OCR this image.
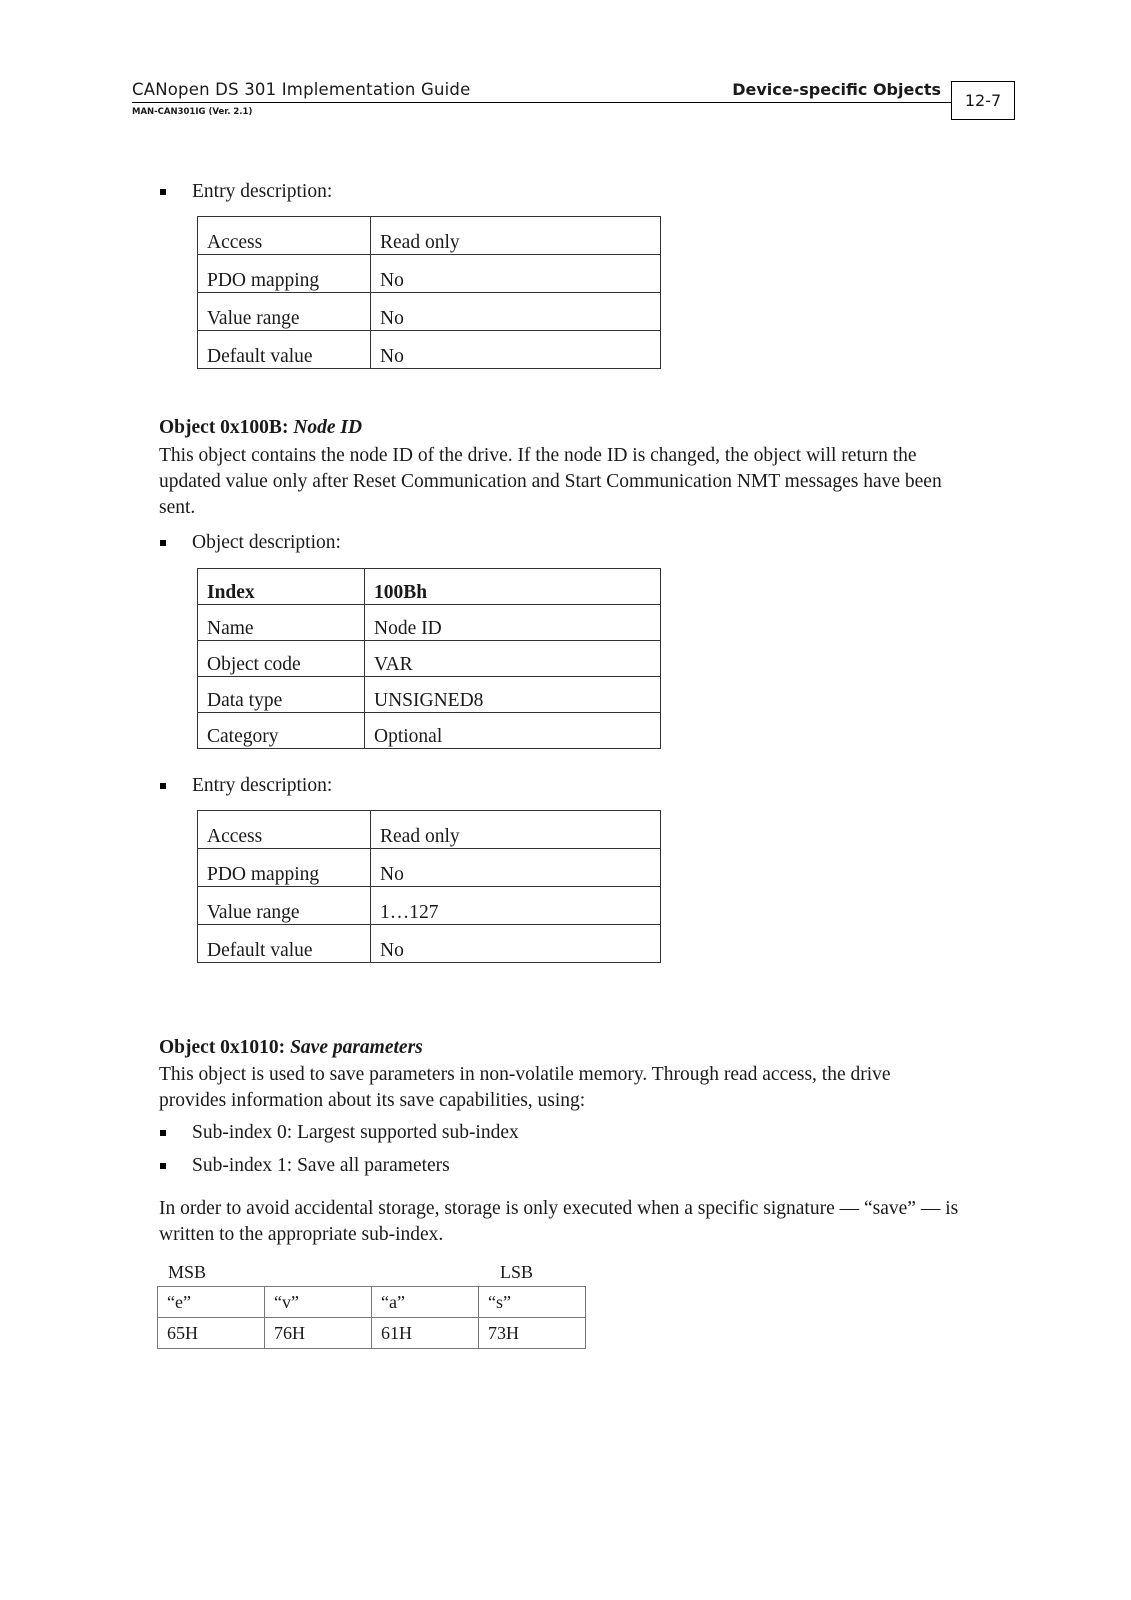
CANopen DS 301 Implementation Guide
MAN-CAN301IG (Ver. 2.1)
Device-specific Objects
12-7
Entry description:
Access	Read only
PDO mapping	No
Value range	No
Default value	No
Object 0x100B: Node ID
This object contains the node ID of the drive. If the node ID is changed, the object will return the updated value only after Reset Communication and Start Communication NMT messages have been sent.
Object description:
Index	100Bh
Name	Node ID
Object code	VAR
Data type	UNSIGNED8
Category	Optional
Entry description:
Access	Read only
PDO mapping	No
Value range	1…127
Default value	No
Object 0x1010: Save parameters
This object is used to save parameters in non-volatile memory. Through read access, the drive provides information about its save capabilities, using:
Sub-index 0: Largest supported sub-index
Sub-index 1: Save all parameters
In order to avoid accidental storage, storage is only executed when a specific signature — “save” — is written to the appropriate sub-index.
MSB	LSB
“e”	“v”	“a”	“s”
65H	76H	61H	73H
